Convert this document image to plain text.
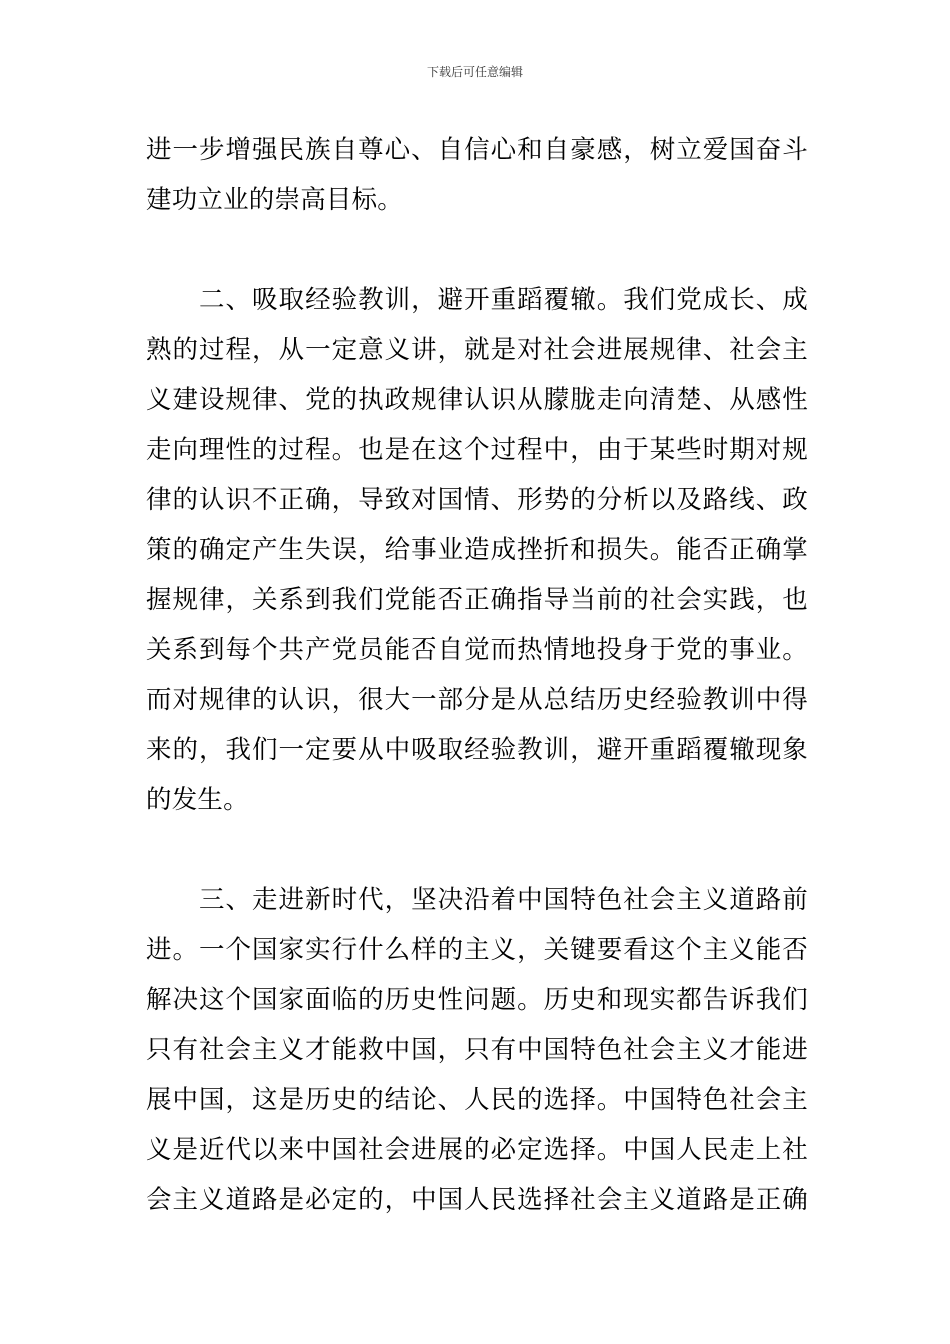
下载后可任意编辑

进一步增强民族自尊心、自信心和自豪感，树立爱国奋斗
建功立业的崇高目标。

　　二、吸取经验教训，避开重蹈覆辙。我们党成长、成
熟的过程，从一定意义讲，就是对社会进展规律、社会主
义建设规律、党的执政规律认识从朦胧走向清楚、从感性
走向理性的过程。也是在这个过程中，由于某些时期对规
律的认识不正确，导致对国情、形势的分析以及路线、政
策的确定产生失误，给事业造成挫折和损失。能否正确掌
握规律，关系到我们党能否正确指导当前的社会实践，也
关系到每个共产党员能否自觉而热情地投身于党的事业。
而对规律的认识，很大一部分是从总结历史经验教训中得
来的，我们一定要从中吸取经验教训，避开重蹈覆辙现象
的发生。

　　三、走进新时代，坚决沿着中国特色社会主义道路前
进。一个国家实行什么样的主义，关键要看这个主义能否
解决这个国家面临的历史性问题。历史和现实都告诉我们
只有社会主义才能救中国，只有中国特色社会主义才能进
展中国，这是历史的结论、人民的选择。中国特色社会主
义是近代以来中国社会进展的必定选择。中国人民走上社
会主义道路是必定的，中国人民选择社会主义道路是正确
